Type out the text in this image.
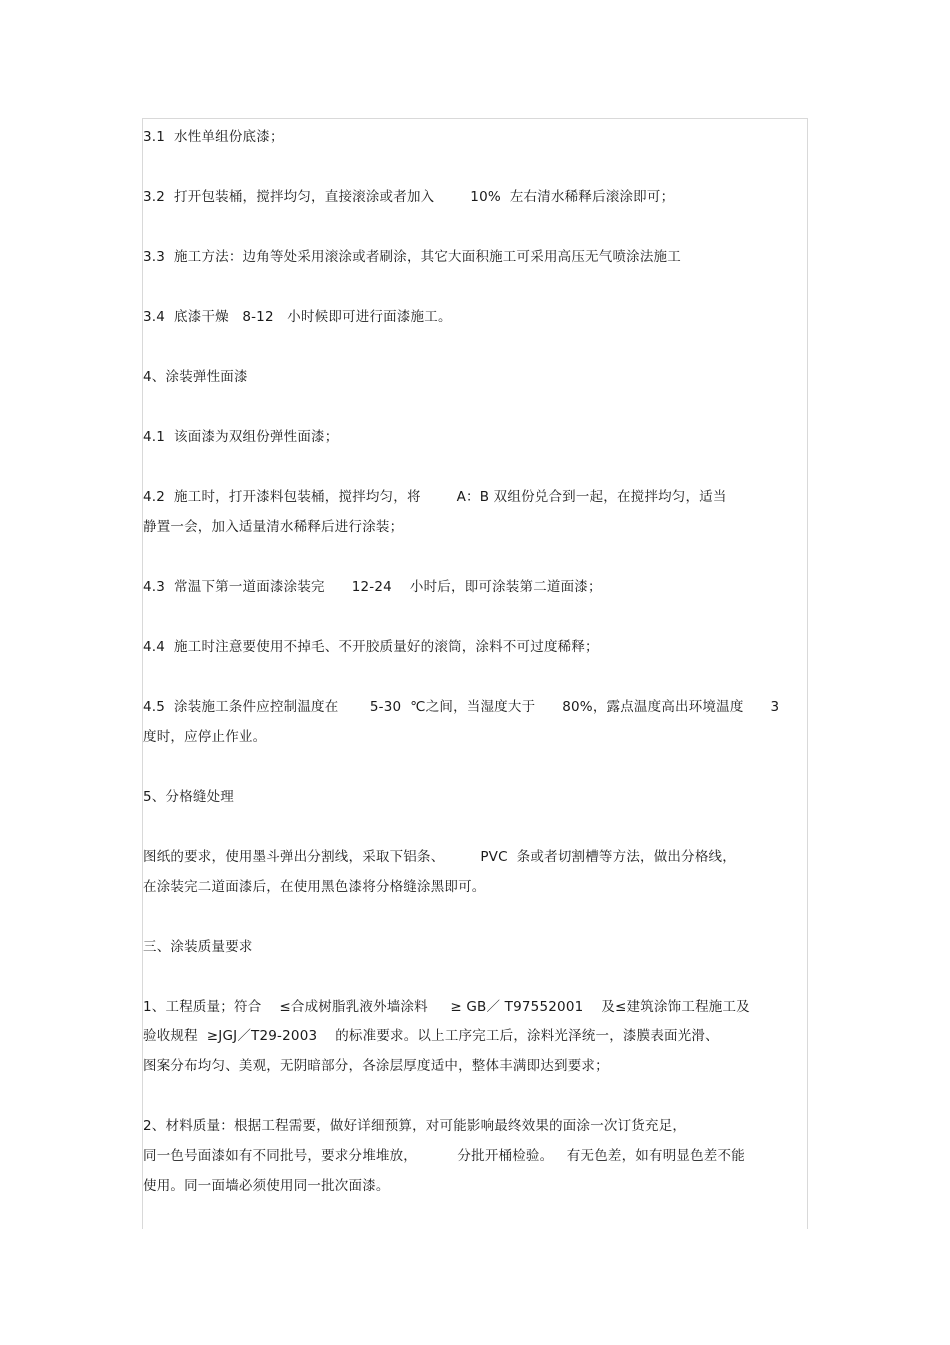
3.1  水性单组份底漆；
3.2  打开包装桶，搅拌均匀，直接滚涂或者加入        10%  左右清水稀释后滚涂即可；
3.3  施工方法：边角等处采用滚涂或者刷涂，其它大面积施工可采用高压无气喷涂法施工
3.4  底漆干燥   8-12   小时候即可进行面漆施工。
4、涂装弹性面漆
4.1  该面漆为双组份弹性面漆；
4.2  施工时，打开漆料包装桶，搅拌均匀，将        A：B 双组份兑合到一起，在搅拌均匀，适当
静置一会，加入适量清水稀释后进行涂装；
4.3  常温下第一道面漆涂装完      12-24    小时后，即可涂装第二道面漆；
4.4  施工时注意要使用不掉毛、不开胶质量好的滚筒，涂料不可过度稀释；
4.5  涂装施工条件应控制温度在       5-30  ℃之间，当湿度大于      80%，露点温度高出环境温度      3
度时，应停止作业。
5、分格缝处理
图纸的要求，使用墨斗弹出分割线，采取下铝条、        PVC  条或者切割槽等方法，做出分格线，
在涂装完二道面漆后，在使用黑色漆将分格缝涂黑即可。
三、涂装质量要求
1、工程质量；符合    ≤合成树脂乳液外墙涂料     ≥ GB／ T97552001    及≤建筑涂饰工程施工及
验收规程  ≥JGJ／T29-2003    的标准要求。以上工序完工后，涂料光泽统一，漆膜表面光滑、
图案分布均匀、美观，无阴暗部分，各涂层厚度适中，整体丰满即达到要求；
2、材料质量：根据工程需要，做好详细预算，对可能影响最终效果的面涂一次订货充足，
同一色号面漆如有不同批号，要求分堆堆放，         分批开桶检验。   有无色差，如有明显色差不能
使用。同一面墙必须使用同一批次面漆。
